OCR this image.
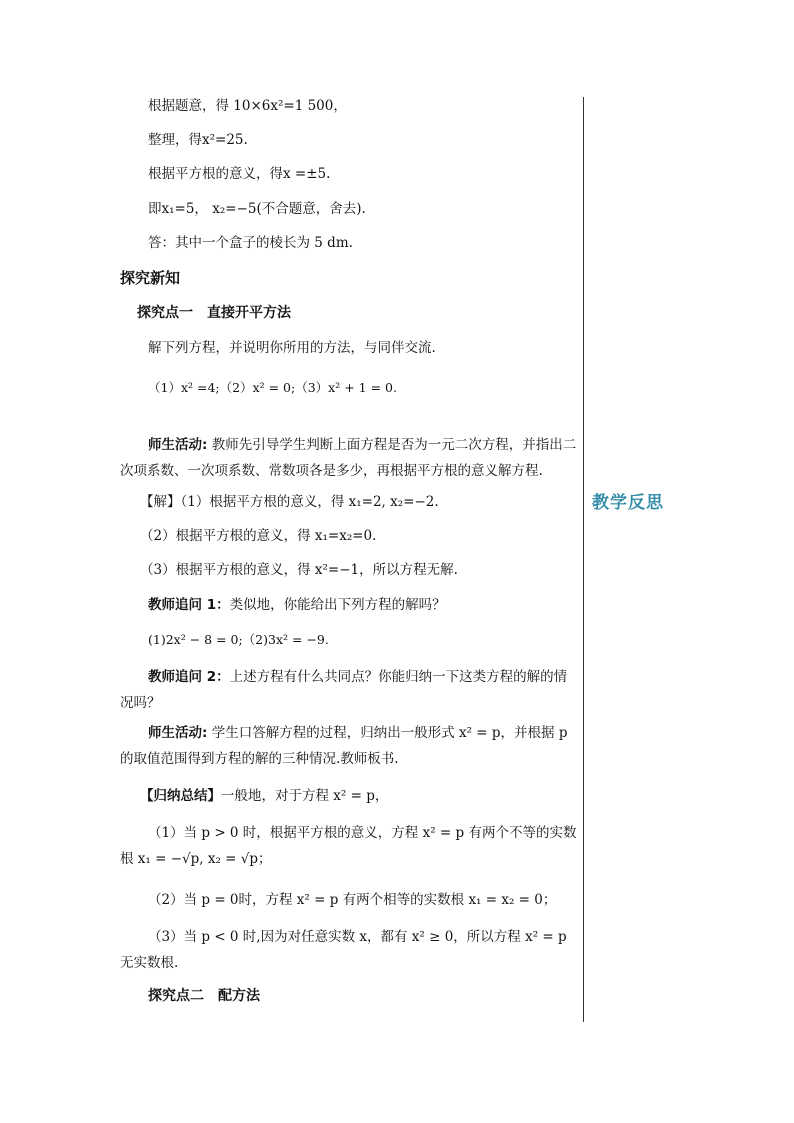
教学反思
根据题意，得 10×6x²=1 500，
整理，得x²=25.
根据平方根的意义，得x =±5.
即x₁=5， x₂=−5(不合题意，舍去).
答：其中一个盒子的棱长为 5 dm.
探究新知
探究点一　直接开平方法
解下列方程，并说明你所用的方法，与同伴交流.
（1）x² =4;（2）x² = 0;（3）x² + 1 = 0.
师生活动: 教师先引导学生判断上面方程是否为一元二次方程，并指出二次项系数、一次项系数、常数项各是多少，再根据平方根的意义解方程.
【解】（1）根据平方根的意义，得 x₁=2, x₂=−2.
（2）根据平方根的意义，得 x₁=x₂=0.
（3）根据平方根的意义，得 x²=−1，所以方程无解.
教师追问 1：类似地，你能给出下列方程的解吗？
(1)2x² − 8 = 0;（2)3x² = −9.
教师追问 2：上述方程有什么共同点？你能归纳一下这类方程的解的情况吗？
师生活动: 学生口答解方程的过程，归纳出一般形式 x² = p，并根据 p 的取值范围得到方程的解的三种情况.教师板书.
【归纳总结】一般地，对于方程 x² = p，
（1）当 p > 0 时，根据平方根的意义，方程 x² = p 有两个不等的实数根 x₁ = −√p, x₂ = √p；
（2）当 p = 0时，方程 x² = p 有两个相等的实数根 x₁ = x₂ = 0；
（3）当 p < 0 时,因为对任意实数 x，都有 x² ≥ 0，所以方程 x² = p 无实数根.
探究点二　配方法
